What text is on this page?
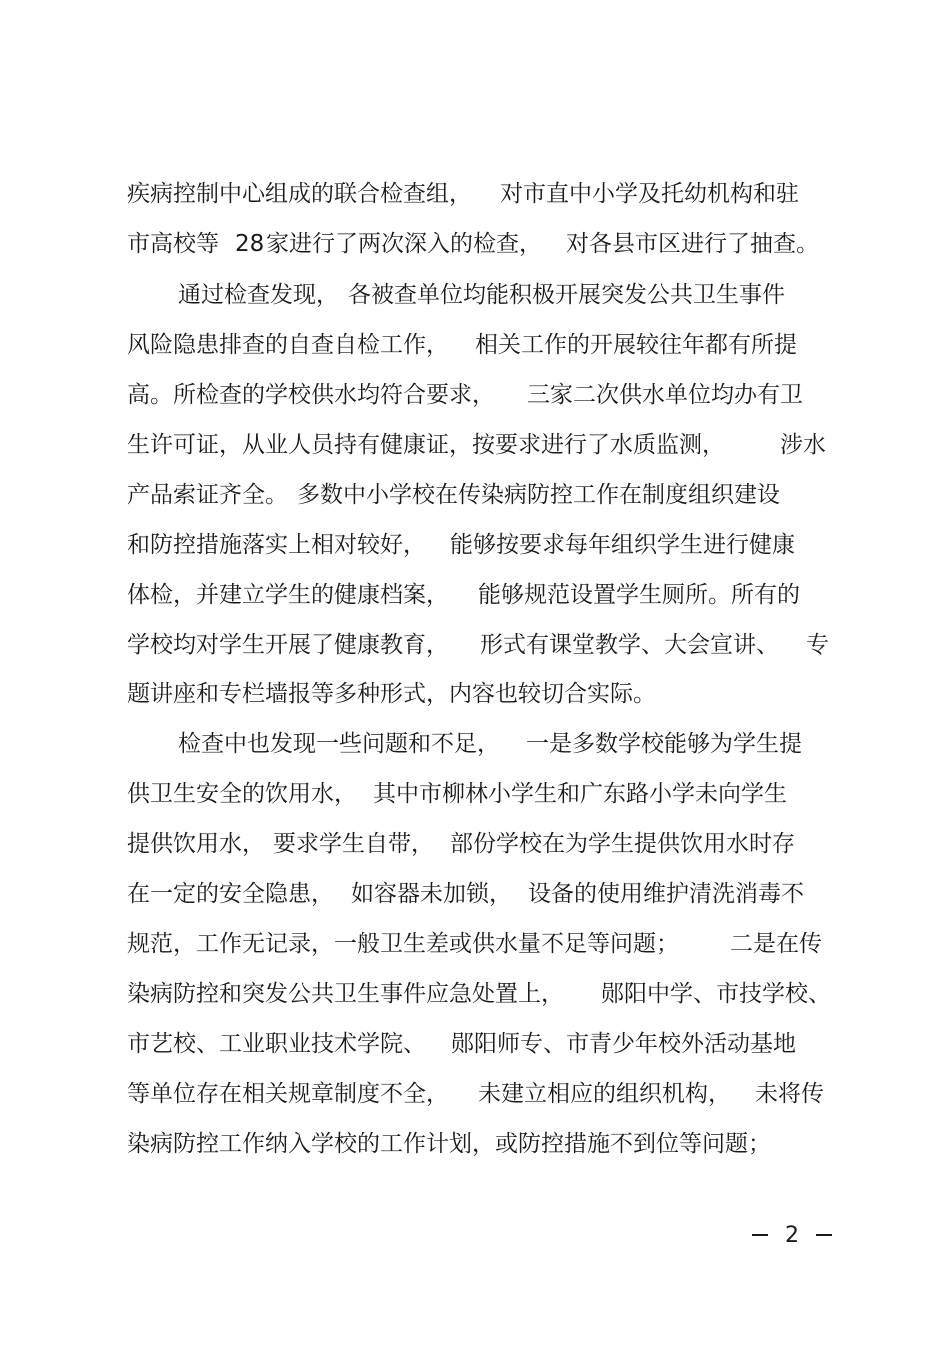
疾病控制中心组成的联合检查组，

对市直中小学及托幼机构和驻

市高校等

28

家进行了两次深入的检查，

对各县市区进行了抽查。

通过检查发现，

各被查单位均能积极开展突发公共卫生事件

风险隐患排查的自查自检工作，

相关工作的开展较往年都有所提

高。所检查的学校供水均符合要求，

三家二次供水单位均办有卫

生许可证，从业人员持有健康证，按要求进行了水质监测，

涉水

产品索证齐全。

多数中小学校在传染病防控工作在制度组织建设

和防控措施落实上相对较好，

能够按要求每年组织学生进行健康

体检，并建立学生的健康档案，

能够规范设置学生厕所。所有的

学校均对学生开展了健康教育，

形式有课堂教学、大会宣讲、

专

题讲座和专栏墙报等多种形式，内容也较切合实际。

检查中也发现一些问题和不足，

一是多数学校能够为学生提

供卫生安全的饮用水，

其中市柳林小学生和广东路小学未向学生

提供饮用水，

要求学生自带，

部份学校在为学生提供饮用水时存

在一定的安全隐患，

如容器未加锁，

设备的使用维护清洗消毒不

规范，工作无记录，一般卫生差或供水量不足等问题；

二是在传

染病防控和突发公共卫生事件应急处置上，

郧阳中学、市技学校、

市艺校、工业职业技术学院、

郧阳师专、市青少年校外活动基地

等单位存在相关规章制度不全，

未建立相应的组织机构，

未将传

染病防控工作纳入学校的工作计划，或防控措施不到位等问题；

2
